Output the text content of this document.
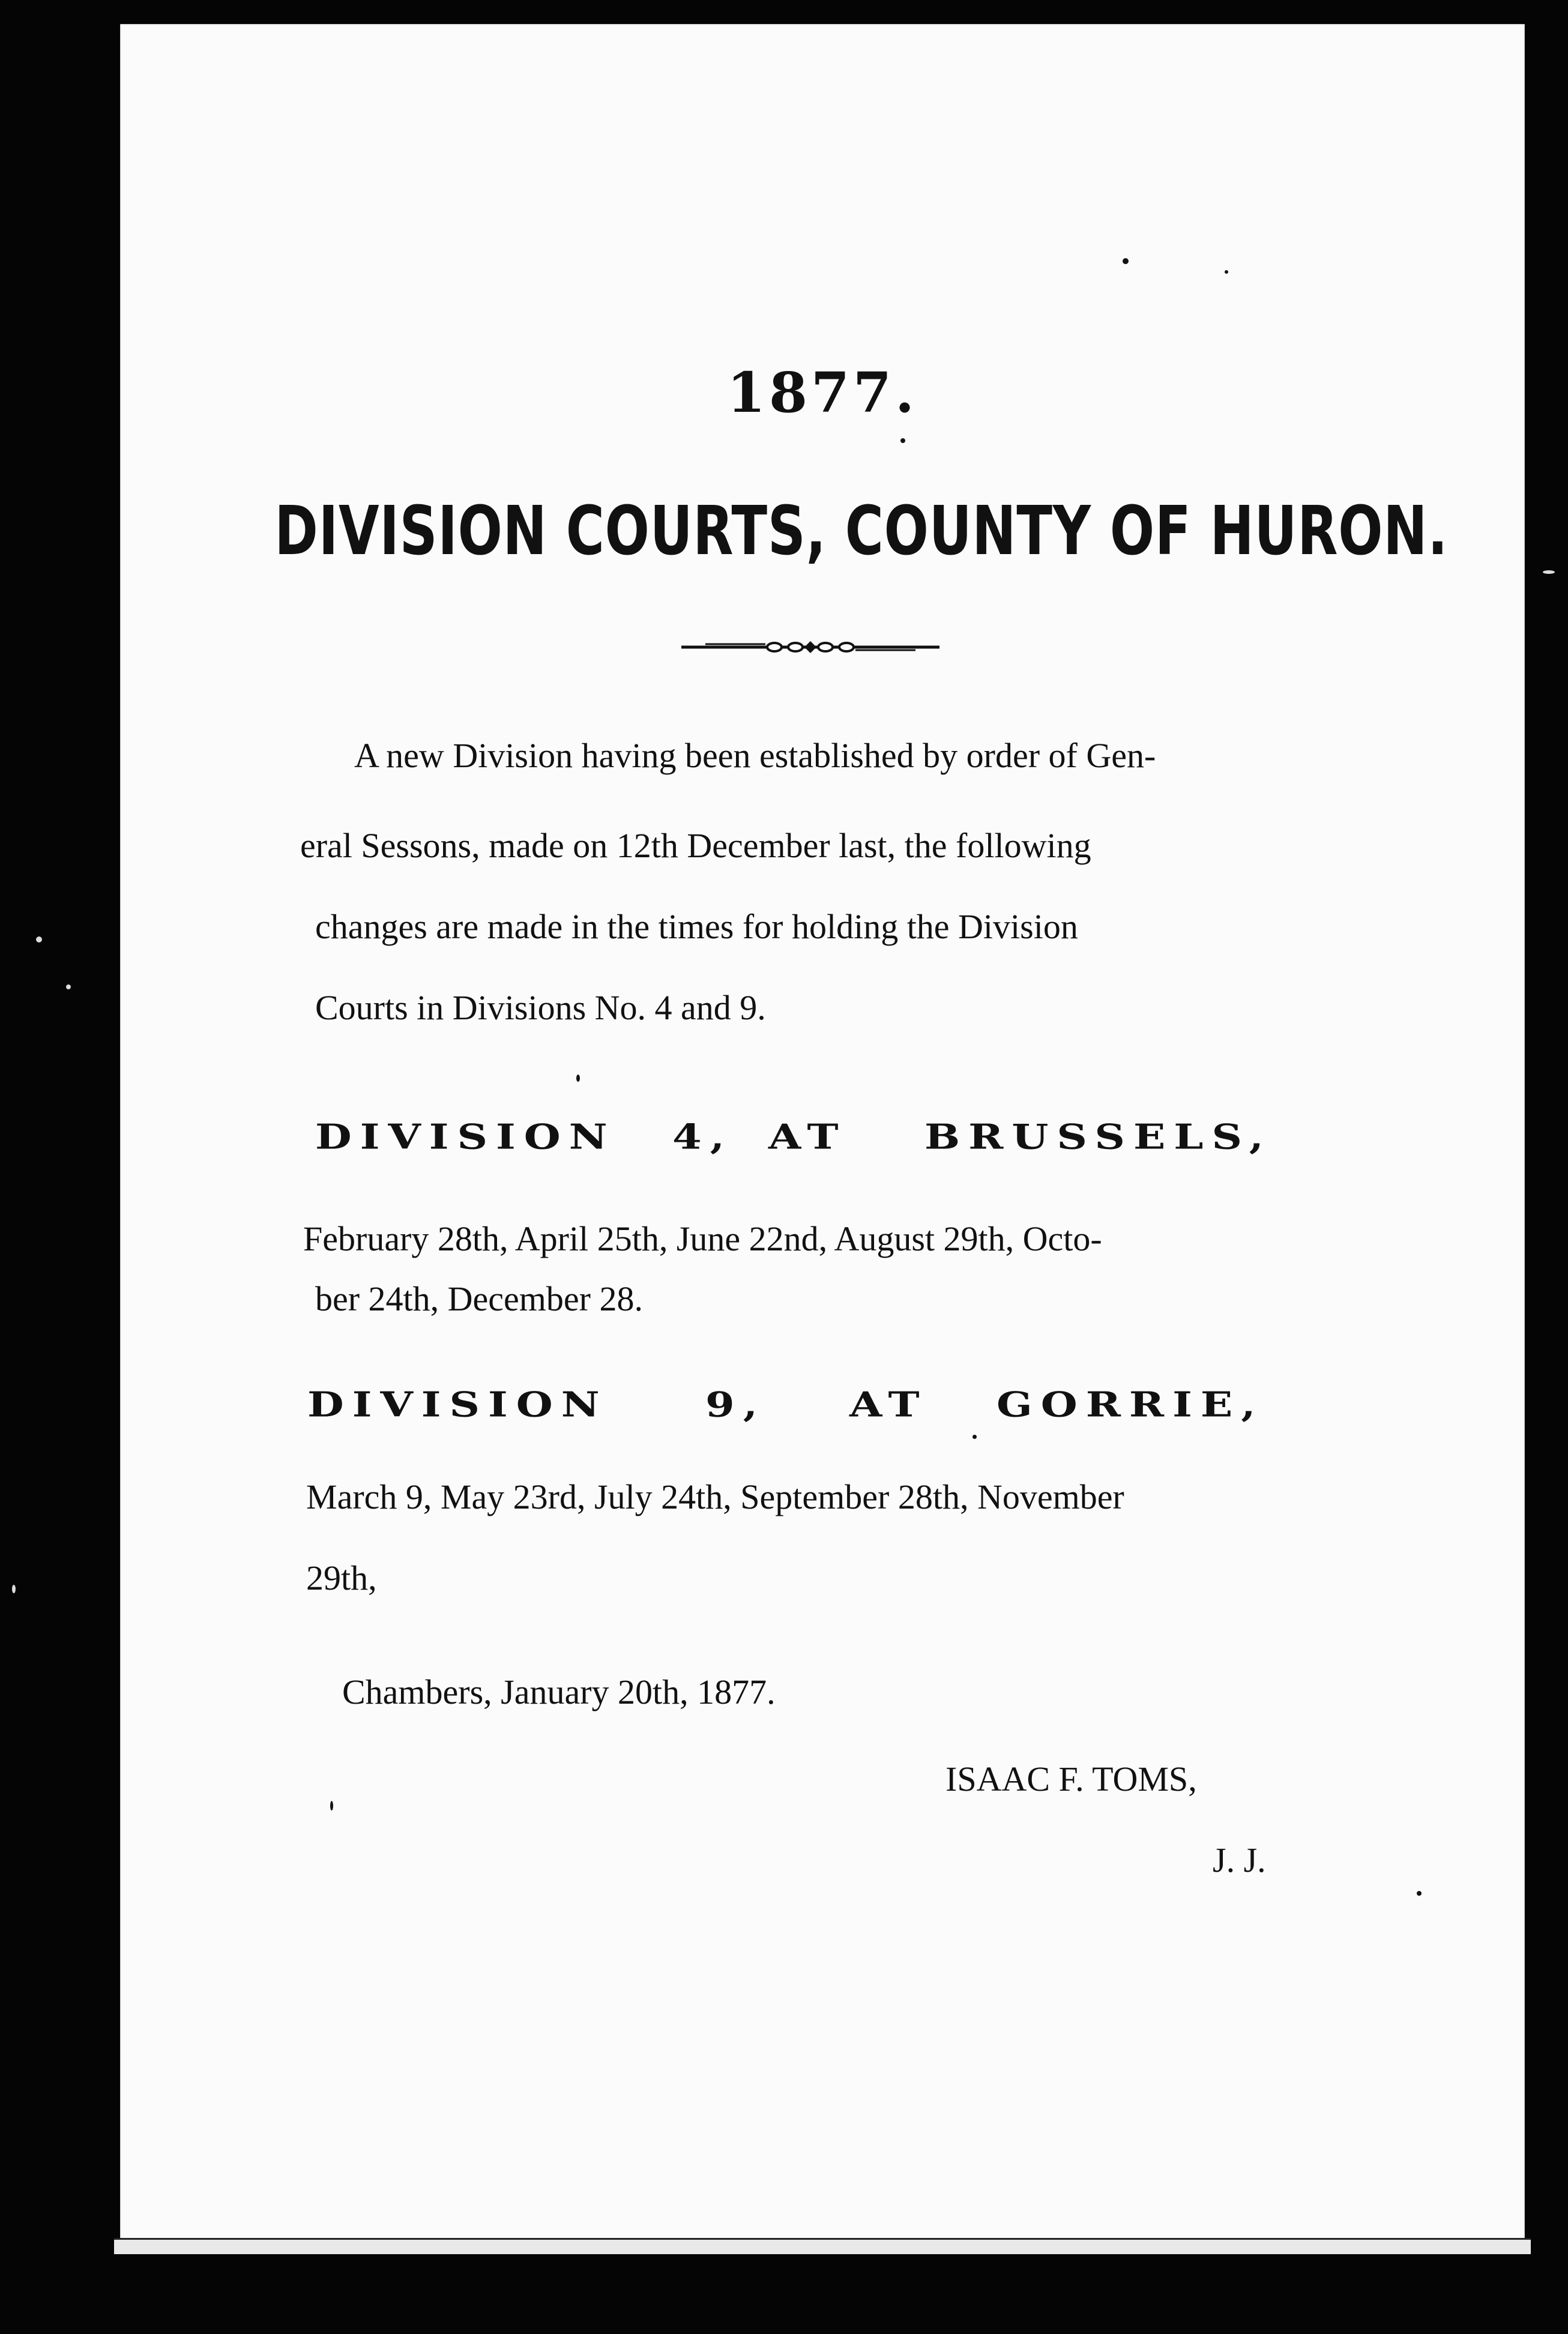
1877.
DIVISION COURTS, COUNTY OF HURON.
A new Division having been established by order of Gen-
eral Sessons, made on 12th December last, the following
changes are made in the times for holding the Division
Courts in Divisions No. 4 and 9.
DIVISION 4, AT BRUSSELS,
February 28th, April 25th, June 22nd, August 29th, Octo-
ber 24th, December 28.
DIVISION 9, AT GORRIE,
March 9, May 23rd, July 24th, September 28th, November
29th,
Chambers, January 20th, 1877.
ISAAC F. TOMS,
J. J.
